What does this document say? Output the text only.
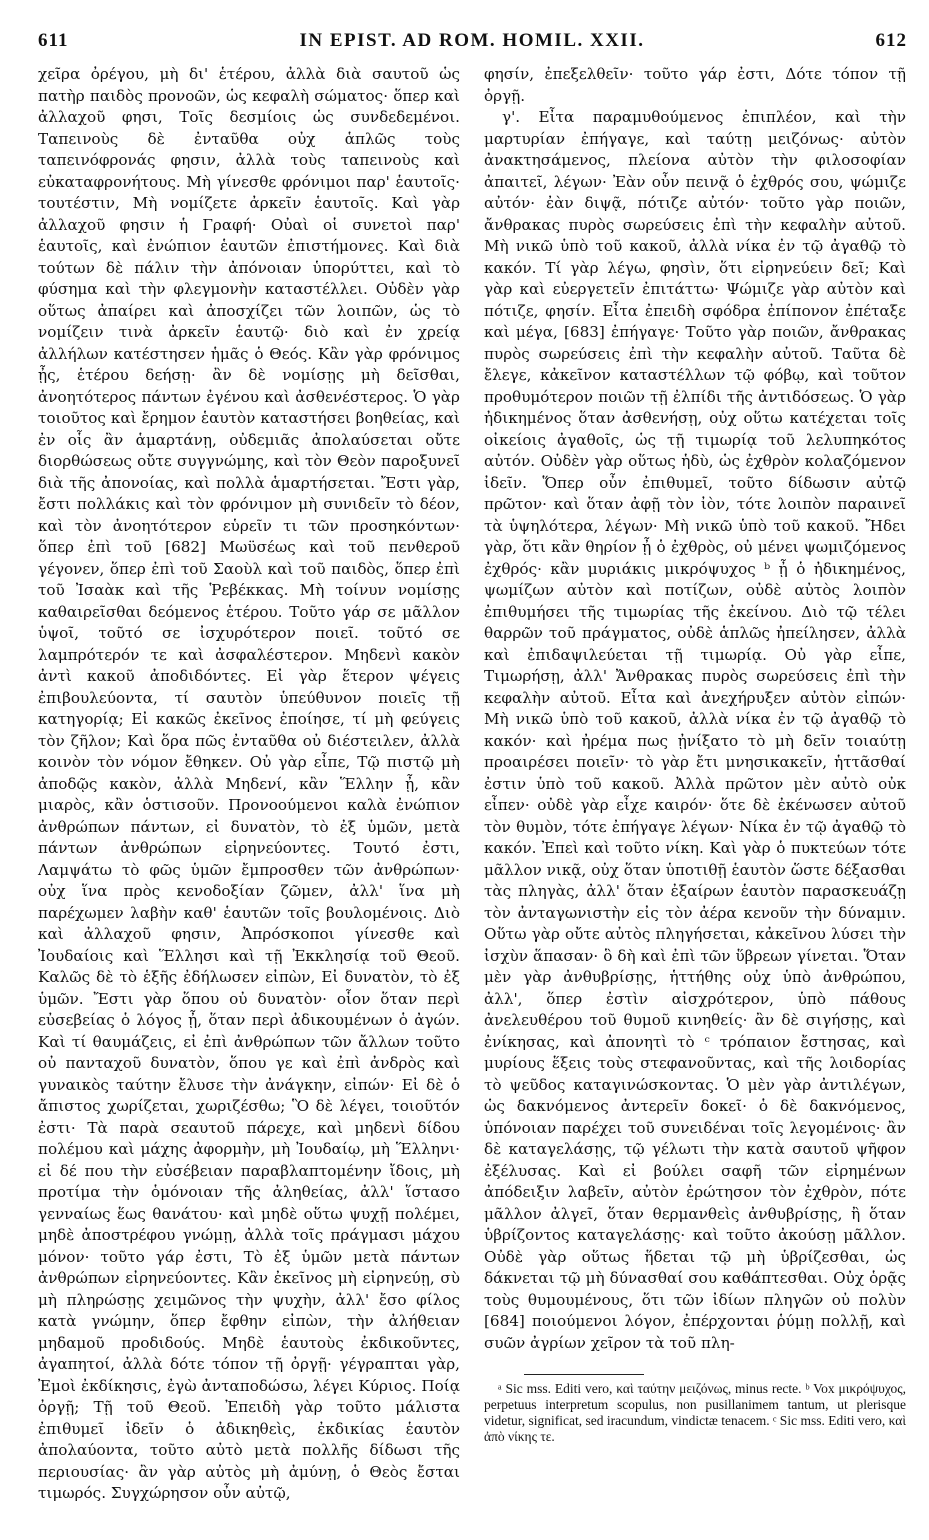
611	IN EPIST. AD ROM. HOMIL. XXII.	612

χεῖρα ὀρέγου, μὴ δι' ἑτέρου, ἀλλὰ διὰ σαυτοῦ ὡς πατὴρ παιδὸς προνοῶν, ὡς κεφαλὴ σώματος· ὅπερ καὶ ἀλλαχοῦ φησι, Τοῖς δεσμίοις ὡς συνδεδεμένοι. Ταπεινοὺς δὲ ἐνταῦθα οὐχ ἁπλῶς τοὺς ταπεινόφρονάς φησιν, ἀλλὰ τοὺς ταπεινοὺς καὶ εὐκαταφρονήτους. Μὴ γίνεσθε φρόνιμοι παρ' ἑαυτοῖς· τουτέστιν, Μὴ νομίζετε ἀρκεῖν ἑαυτοῖς. Καὶ γὰρ ἀλλαχοῦ φησιν ἡ Γραφή· Οὐαὶ οἱ συνετοὶ παρ' ἑαυτοῖς, καὶ ἐνώπιον ἑαυτῶν ἐπιστήμονες. Καὶ διὰ τούτων δὲ πάλιν τὴν ἀπόνοιαν ὑπορύττει, καὶ τὸ φύσημα καὶ τὴν φλεγμονὴν καταστέλλει. Οὐδὲν γὰρ οὕτως ἀπαίρει καὶ ἀποσχίζει τῶν λοιπῶν, ὡς τὸ νομίζειν τινὰ ἀρκεῖν ἑαυτῷ· διὸ καὶ ἐν χρείᾳ ἀλλήλων κατέστησεν ἡμᾶς ὁ Θεός. Κἂν γὰρ φρόνιμος ᾖς, ἑτέρου δεήσῃ· ἂν δὲ νομίσῃς μὴ δεῖσθαι, ἀνοητότερος πάντων ἐγένου καὶ ἀσθενέστερος. Ὁ γὰρ τοιοῦτος καὶ ἔρημον ἑαυτὸν καταστήσει βοηθείας, καὶ ἐν οἷς ἂν ἁμαρτάνῃ, οὐδεμιᾶς ἀπολαύσεται οὔτε διορθώσεως οὔτε συγγνώμης, καὶ τὸν Θεὸν παροξυνεῖ διὰ τῆς ἀπονοίας, καὶ πολλὰ ἁμαρτήσεται. Ἔστι γὰρ, ἔστι πολλάκις καὶ τὸν φρόνιμον μὴ συνιδεῖν τὸ δέον, καὶ τὸν ἀνοητότερον εὑρεῖν τι τῶν προσηκόντων· ὅπερ ἐπὶ τοῦ [682] Μωϋσέως καὶ τοῦ πενθεροῦ γέγονεν, ὅπερ ἐπὶ τοῦ Σαοὺλ καὶ τοῦ παιδὸς, ὅπερ ἐπὶ τοῦ Ἰσαὰκ καὶ τῆς Ῥεβέκκας. Μὴ τοίνυν νομίσῃς καθαιρεῖσθαι δεόμενος ἑτέρου. Τοῦτο γάρ σε μᾶλλον ὑψοῖ, τοῦτό σε ἰσχυρότερον ποιεῖ. τοῦτό σε λαμπρότερόν τε καὶ ἀσφαλέστερον. Μηδενὶ κακὸν ἀντὶ κακοῦ ἀποδιδόντες. Εἰ γὰρ ἕτερον ψέγεις ἐπιβουλεύοντα, τί σαυτὸν ὑπεύθυνον ποιεῖς τῇ κατηγορίᾳ; Εἰ κακῶς ἐκεῖνος ἐποίησε, τί μὴ φεύγεις τὸν ζῆλον; Καὶ ὅρα πῶς ἐνταῦθα οὐ διέστειλεν, ἀλλὰ κοινὸν τὸν νόμον ἔθηκεν. Οὐ γὰρ εἶπε, Τῷ πιστῷ μὴ ἀποδῷς κακὸν, ἀλλὰ Μηδενί, κἂν Ἕλλην ᾖ, κἂν μιαρὸς, κἂν ὁστισοῦν. Προνοούμενοι καλὰ ἐνώπιον ἀνθρώπων πάντων, εἰ δυνατὸν, τὸ ἐξ ὑμῶν, μετὰ πάντων ἀνθρώπων εἰρηνεύοντες. Τουτό ἐστι, Λαμψάτω τὸ φῶς ὑμῶν ἔμπροσθεν τῶν ἀνθρώπων· οὐχ ἵνα πρὸς κενοδοξίαν ζῶμεν, ἀλλ' ἵνα μὴ παρέχωμεν λαβὴν καθ' ἑαυτῶν τοῖς βουλομένοις. Διὸ καὶ ἀλλαχοῦ φησιν, Ἀπρόσκοποι γίνεσθε καὶ Ἰουδαίοις καὶ Ἕλλησι καὶ τῇ Ἐκκλησίᾳ τοῦ Θεοῦ. Καλῶς δὲ τὸ ἑξῆς ἐδήλωσεν εἰπὼν, Εἰ δυνατὸν, τὸ ἐξ ὑμῶν. Ἔστι γὰρ ὅπου οὐ δυνατὸν· οἷον ὅταν περὶ εὐσεβείας ὁ λόγος ᾖ, ὅταν περὶ ἀδικουμένων ὁ ἀγών. Καὶ τί θαυμάζεις, εἰ ἐπὶ ἀνθρώπων τῶν ἄλλων τοῦτο οὐ πανταχοῦ δυνατὸν, ὅπου γε καὶ ἐπὶ ἀνδρὸς καὶ γυναικὸς ταύτην ἔλυσε τὴν ἀνάγκην, εἰπών· Εἰ δὲ ὁ ἄπιστος χωρίζεται, χωριζέσθω; Ὃ δὲ λέγει, τοιοῦτόν ἐστι· Τὰ παρὰ σεαυτοῦ πάρεχε, καὶ μηδενὶ δίδου πολέμου καὶ μάχης ἀφορμὴν, μὴ Ἰουδαίῳ, μὴ Ἕλληνι· εἰ δέ που τὴν εὐσέβειαν παραβλαπτομένην ἴδοις, μὴ προτίμα τὴν ὁμόνοιαν τῆς ἀληθείας, ἀλλ' ἵστασο γενναίως ἕως θανάτου· καὶ μηδὲ οὕτω ψυχῇ πολέμει, μηδὲ ἀποστρέφου γνώμῃ, ἀλλὰ τοῖς πράγμασι μάχου μόνον· τοῦτο γάρ ἐστι, Τὸ ἐξ ὑμῶν μετὰ πάντων ἀνθρώπων εἰρηνεύοντες. Κἂν ἐκεῖνος μὴ εἰρηνεύῃ, σὺ μὴ πληρώσῃς χειμῶνος τὴν ψυχὴν, ἀλλ' ἔσο φίλος κατὰ γνώμην, ὅπερ ἔφθην εἰπὼν, τὴν ἀλήθειαν μηδαμοῦ προδιδούς. Μηδὲ ἑαυτοὺς ἐκδικοῦντες, ἀγαπητοί, ἀλλὰ δότε τόπον τῇ ὀργῇ· γέγραπται γὰρ, Ἐμοὶ ἐκδίκησις, ἐγὼ ἀνταποδώσω, λέγει Κύριος. Ποίᾳ ὀργῇ; Τῇ τοῦ Θεοῦ. Ἐπειδὴ γὰρ τοῦτο μάλιστα ἐπιθυμεῖ ἰδεῖν ὁ ἀδικηθεὶς, ἐκδικίας ἑαυτὸν ἀπολαύοντα, τοῦτο αὐτὸ μετὰ πολλῆς δίδωσι τῆς περιουσίας· ἂν γὰρ αὐτὸς μὴ ἀμύνῃ, ὁ Θεὸς ἔσται τιμωρός. Συγχώρησον οὖν αὐτῷ,

φησίν, ἐπεξελθεῖν· τοῦτο γάρ ἐστι, Δότε τόπον τῇ ὀργῇ.

γ'. Εἶτα παραμυθούμενος ἐπιπλέον, καὶ τὴν μαρτυρίαν ἐπήγαγε, καὶ ταύτῃ μειζόνως· αὐτὸν ἀνακτησάμενος, πλείονα αὐτὸν τὴν φιλοσοφίαν ἀπαιτεῖ, λέγων· Ἐὰν οὖν πεινᾷ ὁ ἐχθρός σου, ψώμιζε αὐτόν· ἐὰν διψᾷ, πότιζε αὐτόν· τοῦτο γὰρ ποιῶν, ἄνθρακας πυρὸς σωρεύσεις ἐπὶ τὴν κεφαλὴν αὐτοῦ. Μὴ νικῶ ὑπὸ τοῦ κακοῦ, ἀλλὰ νίκα ἐν τῷ ἀγαθῷ τὸ κακόν. Τί γὰρ λέγω, φησὶν, ὅτι εἰρηνεύειν δεῖ; Καὶ γὰρ καὶ εὐεργετεῖν ἐπιτάττω· Ψώμιζε γὰρ αὐτὸν καὶ πότιζε, φησίν. Εἶτα ἐπειδὴ σφόδρα ἐπίπονον ἐπέταξε καὶ μέγα, [683] ἐπήγαγε· Τοῦτο γὰρ ποιῶν, ἄνθρακας πυρὸς σωρεύσεις ἐπὶ τὴν κεφαλὴν αὐτοῦ. Ταῦτα δὲ ἔλεγε, κἀκεῖνον καταστέλλων τῷ φόβῳ, καὶ τοῦτον προθυμότερον ποιῶν τῇ ἐλπίδι τῆς ἀντιδόσεως. Ὁ γὰρ ἠδικημένος ὅταν ἀσθενήσῃ, οὐχ οὕτω κατέχεται τοῖς οἰκείοις ἀγαθοῖς, ὡς τῇ τιμωρίᾳ τοῦ λελυπηκότος αὐτόν. Οὐδὲν γὰρ οὕτως ἡδὺ, ὡς ἐχθρὸν κολαζόμενον ἰδεῖν. Ὅπερ οὖν ἐπιθυμεῖ, τοῦτο δίδωσιν αὐτῷ πρῶτον· καὶ ὅταν ἀφῇ τὸν ἰὸν, τότε λοιπὸν παραινεῖ τὰ ὑψηλότερα, λέγων· Μὴ νικῶ ὑπὸ τοῦ κακοῦ. Ἤδει γὰρ, ὅτι κἂν θηρίον ᾖ ὁ ἐχθρὸς, οὐ μένει ψωμιζόμενος ἐχθρός· κἂν μυριάκις μικρόψυχος ᵇ ᾖ ὁ ἠδικημένος, ψωμίζων αὐτὸν καὶ ποτίζων, οὐδὲ αὐτὸς λοιπὸν ἐπιθυμήσει τῆς τιμωρίας τῆς ἐκείνου. Διὸ τῷ τέλει θαρρῶν τοῦ πράγματος, οὐδὲ ἁπλῶς ἠπείλησεν, ἀλλὰ καὶ ἐπιδαψιλεύεται τῇ τιμωρίᾳ. Οὐ γὰρ εἶπε, Τιμωρήσῃ, ἀλλ' Ἄνθρακας πυρὸς σωρεύσεις ἐπὶ τὴν κεφαλὴν αὐτοῦ. Εἶτα καὶ ἀνεχήρυξεν αὐτὸν εἰπών· Μὴ νικῶ ὑπὸ τοῦ κακοῦ, ἀλλὰ νίκα ἐν τῷ ἀγαθῷ τὸ κακόν· καὶ ἠρέμα πως ᾐνίξατο τὸ μὴ δεῖν τοιαύτῃ προαιρέσει ποιεῖν· τὸ γὰρ ἔτι μνησικακεῖν, ἡττᾶσθαί ἐστιν ὑπὸ τοῦ κακοῦ. Ἀλλὰ πρῶτον μὲν αὐτὸ οὐκ εἶπεν· οὐδὲ γὰρ εἶχε καιρόν· ὅτε δὲ ἐκένωσεν αὐτοῦ τὸν θυμὸν, τότε ἐπήγαγε λέγων· Νίκα ἐν τῷ ἀγαθῷ τὸ κακόν. Ἐπεὶ καὶ τοῦτο νίκη. Καὶ γὰρ ὁ πυκτεύων τότε μᾶλλον νικᾷ, οὐχ ὅταν ὑποτιθῇ ἑαυτὸν ὥστε δέξασθαι τὰς πληγὰς, ἀλλ' ὅταν ἐξαίρων ἑαυτὸν παρασκευάζῃ τὸν ἀνταγωνιστὴν εἰς τὸν ἀέρα κενοῦν τὴν δύναμιν. Οὕτω γὰρ οὔτε αὐτὸς πληγήσεται, κἀκεῖνου λύσει τὴν ἰσχὺν ἅπασαν· ὃ δὴ καὶ ἐπὶ τῶν ὕβρεων γίνεται. Ὅταν μὲν γὰρ ἀνθυβρίσῃς, ἡττήθης οὐχ ὑπὸ ἀνθρώπου, ἀλλ', ὅπερ ἐστὶν αἰσχρότερον, ὑπὸ πάθους ἀνελευθέρου τοῦ θυμοῦ κινηθείς· ἂν δὲ σιγήσῃς, καὶ ἐνίκησας, καὶ ἀπονητὶ τὸ ᶜ τρόπαιον ἔστησας, καὶ μυρίους ἕξεις τοὺς στεφανοῦντας, καὶ τῆς λοιδορίας τὸ ψεῦδος καταγινώσκοντας. Ὁ μὲν γὰρ ἀντιλέγων, ὡς δακνόμενος ἀντερεῖν δοκεῖ· ὁ δὲ δακνόμενος, ὑπόνοιαν παρέχει τοῦ συνειδέναι τοῖς λεγομένοις· ἂν δὲ καταγελάσῃς, τῷ γέλωτι τὴν κατὰ σαυτοῦ ψῆφον ἐξέλυσας. Καὶ εἰ βούλει σαφῆ τῶν εἰρημένων ἀπόδειξιν λαβεῖν, αὐτὸν ἐρώτησον τὸν ἐχθρὸν, πότε μᾶλλον ἀλγεῖ, ὅταν θερμανθεὶς ἀνθυβρίσῃς, ἢ ὅταν ὑβρίζοντος καταγελάσῃς· καὶ τοῦτο ἀκούσῃ μᾶλλον. Οὐδὲ γὰρ οὕτως ἥδεται τῷ μὴ ὑβρίζεσθαι, ὡς δάκνεται τῷ μὴ δύνασθαί σου καθάπτεσθαι. Οὐχ ὁρᾷς τοὺς θυμουμένους, ὅτι τῶν ἰδίων πληγῶν οὐ πολὺν [684] ποιούμενοι λόγον, ἐπέρχονται ῥύμῃ πολλῇ, καὶ συῶν ἀγρίων χεῖρον τὰ τοῦ πλη-

ᵃ Sic mss. Editi vero, καὶ ταύτην μειζόνως, minus recte. ᵇ Vox μικρόψυχος, perpetuus interpretum scopulus, non pusillanimem tantum, ut plerisque videtur, significat, sed iracundum, vindictæ tenacem. ᶜ Sic mss. Editi vero, καὶ ἀπὸ νίκης τε.
